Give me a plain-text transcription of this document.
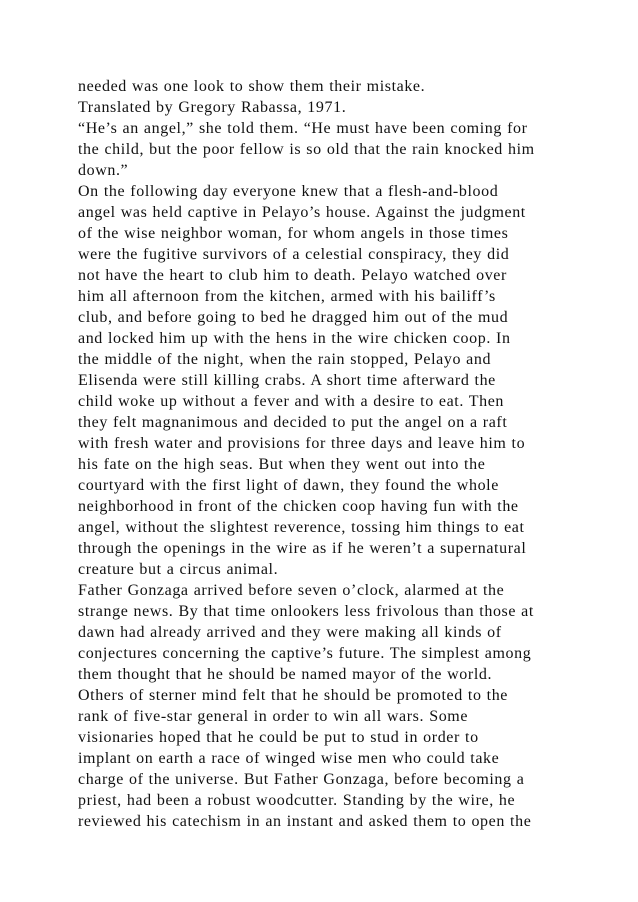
needed was one look to show them their mistake.
Translated by Gregory Rabassa, 1971.
“He’s an angel,” she told them. “He must have been coming for
the child, but the poor fellow is so old that the rain knocked him
down.”
On the following day everyone knew that a flesh-and-blood
angel was held captive in Pelayo’s house. Against the judgment
of the wise neighbor woman, for whom angels in those times
were the fugitive survivors of a celestial conspiracy, they did
not have the heart to club him to death. Pelayo watched over
him all afternoon from the kitchen, armed with his bailiff’s
club, and before going to bed he dragged him out of the mud
and locked him up with the hens in the wire chicken coop. In
the middle of the night, when the rain stopped, Pelayo and
Elisenda were still killing crabs. A short time afterward the
child woke up without a fever and with a desire to eat. Then
they felt magnanimous and decided to put the angel on a raft
with fresh water and provisions for three days and leave him to
his fate on the high seas. But when they went out into the
courtyard with the first light of dawn, they found the whole
neighborhood in front of the chicken coop having fun with the
angel, without the slightest reverence, tossing him things to eat
through the openings in the wire as if he weren’t a supernatural
creature but a circus animal.
Father Gonzaga arrived before seven o’clock, alarmed at the
strange news. By that time onlookers less frivolous than those at
dawn had already arrived and they were making all kinds of
conjectures concerning the captive’s future. The simplest among
them thought that he should be named mayor of the world.
Others of sterner mind felt that he should be promoted to the
rank of five-star general in order to win all wars. Some
visionaries hoped that he could be put to stud in order to
implant on earth a race of winged wise men who could take
charge of the universe. But Father Gonzaga, before becoming a
priest, had been a robust woodcutter. Standing by the wire, he
reviewed his catechism in an instant and asked them to open the
